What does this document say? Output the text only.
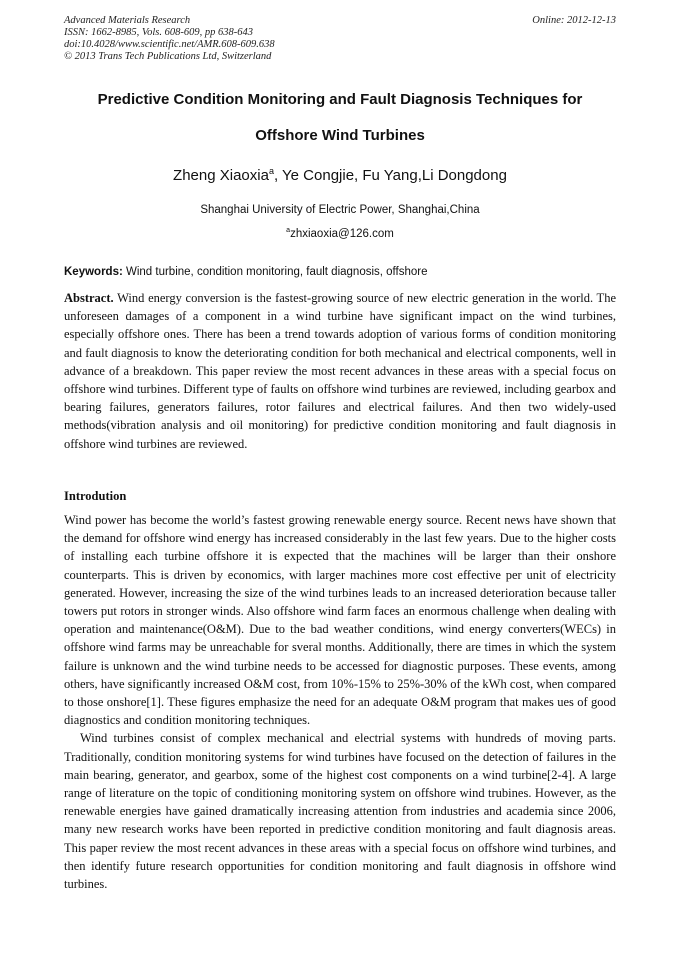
Advanced Materials Research
ISSN: 1662-8985, Vols. 608-609, pp 638-643
doi:10.4028/www.scientific.net/AMR.608-609.638
© 2013 Trans Tech Publications Ltd, Switzerland
Online: 2012-12-13
Predictive Condition Monitoring and Fault Diagnosis Techniques for
Offshore Wind Turbines
Zheng Xiaoxia$^a$, Ye Congjie, Fu Yang,Li Dongdong
Shanghai University of Electric Power, Shanghai,China
$^a$zhxiaoxia@126.com
Keywords: Wind turbine, condition monitoring, fault diagnosis, offshore
Abstract. Wind energy conversion is the fastest-growing source of new electric generation in the world. The unforeseen damages of a component in a wind turbine have significant impact on the wind turbines, especially offshore ones. There has been a trend towards adoption of various forms of condition monitoring and fault diagnosis to know the deteriorating condition for both mechanical and electrical components, well in advance of a breakdown. This paper review the most recent advances in these areas with a special focus on offshore wind turbines. Different type of faults on offshore wind turbines are reviewed, including gearbox and bearing failures, generators failures, rotor failures and electrical failures. And then two widely-used methods(vibration analysis and oil monitoring) for predictive condition monitoring and fault diagnosis in offshore wind turbines are reviewed.
Introdution

Wind power has become the world’s fastest growing renewable energy source. Recent news have shown that the demand for offshore wind energy has increased considerably in the last few years. Due to the higher costs of installing each turbine offshore it is expected that the machines will be larger than their onshore counterparts. This is driven by economics, with larger machines more cost effective per unit of electricity generated. However, increasing the size of the wind turbines leads to an increased deterioration because taller towers put rotors in stronger winds. Also offshore wind farm faces an enormous challenge when dealing with operation and maintenance(O&M). Due to the bad weather conditions, wind energy converters(WECs) in offshore wind farms may be unreachable for sveral months. Additionally, there are times in which the system failure is unknown and the wind turbine needs to be accessed for diagnostic purposes. These events, among others, have significantly increased O&M cost, from 10%-15% to 25%-30% of the kWh cost, when compared to those onshore[1]. These figures emphasize the need for an adequate O&M program that makes ues of good diagnostics and condition monitoring techniques.

Wind turbines consist of complex mechanical and electrial systems with hundreds of moving parts. Traditionally, condition monitoring systems for wind turbines have focused on the detection of failures in the main bearing, generator, and gearbox, some of the highest cost components on a wind turbine[2-4]. A large range of literature on the topic of conditioning monitoring system on offshore wind trubines. However, as the renewable energies have gained dramatically increasing attention from industries and academia since 2006, many new research works have been reported in predictive condition monitoring and fault diagnosis areas. This paper review the most recent advances in these areas with a special focus on offshore wind turbines, and then identify future research opportunities for condition monitoring and fault diagnosis in offshore wind turbines.
